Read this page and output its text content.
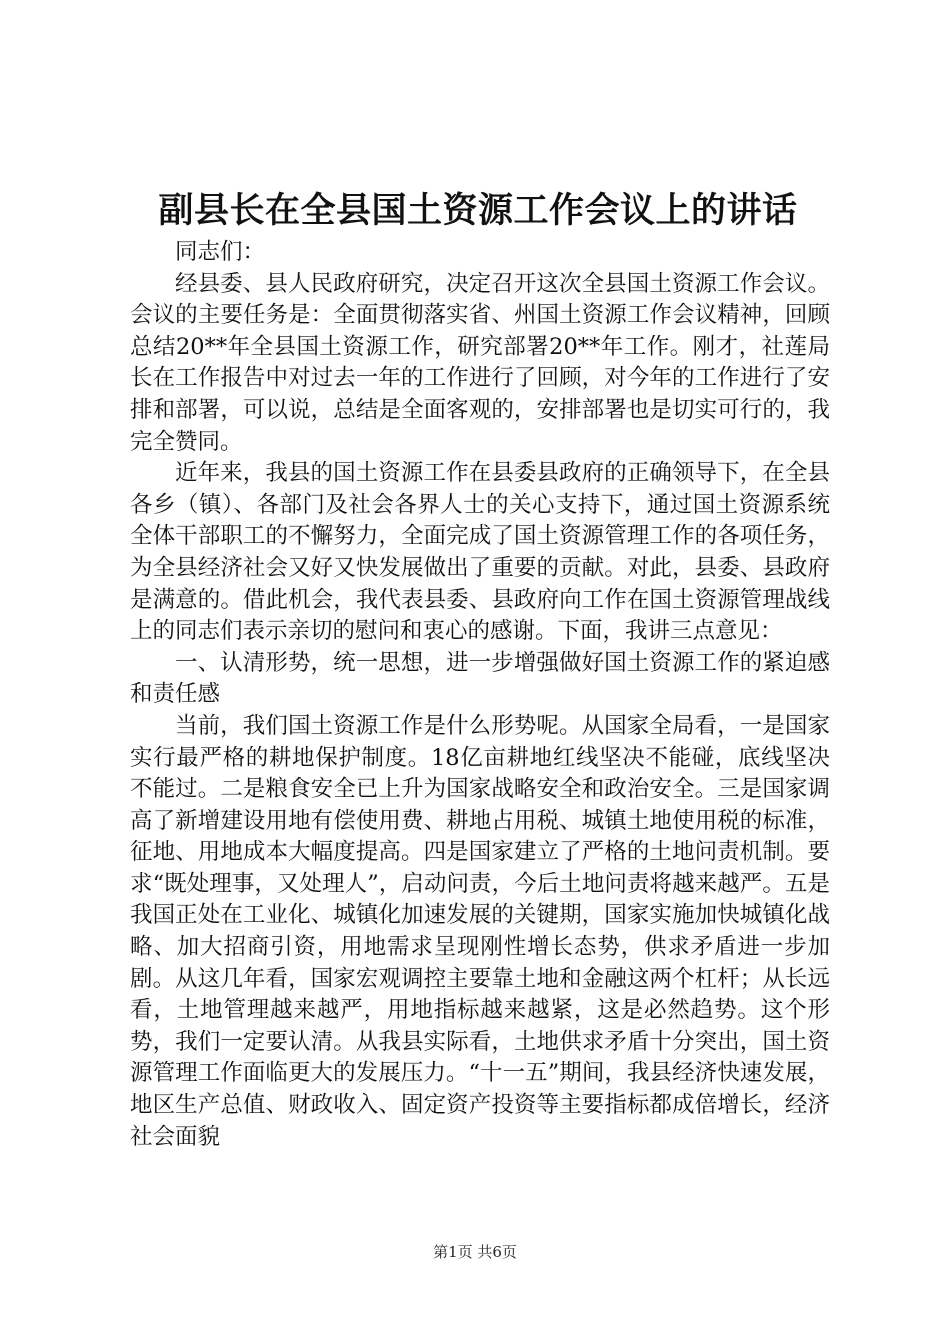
副县长在全县国土资源工作会议上的讲话

同志们：

经县委、县人民政府研究，决定召开这次全县国土资源工作会议。会议的主要任务是：全面贯彻落实省、州国土资源工作会议精神，回顾总结20**年全县国土资源工作，研究部署20**年工作。刚才，社莲局长在工作报告中对过去一年的工作进行了回顾，对今年的工作进行了安排和部署，可以说，总结是全面客观的，安排部署也是切实可行的，我完全赞同。

近年来，我县的国土资源工作在县委县政府的正确领导下，在全县各乡（镇）、各部门及社会各界人士的关心支持下，通过国土资源系统全体干部职工的不懈努力，全面完成了国土资源管理工作的各项任务，为全县经济社会又好又快发展做出了重要的贡献。对此，县委、县政府是满意的。借此机会，我代表县委、县政府向工作在国土资源管理战线上的同志们表示亲切的慰问和衷心的感谢。下面，我讲三点意见：

一、认清形势，统一思想，进一步增强做好国土资源工作的紧迫感和责任感

当前，我们国土资源工作是什么形势呢。从国家全局看，一是国家实行最严格的耕地保护制度。18亿亩耕地红线坚决不能碰，底线坚决不能过。二是粮食安全已上升为国家战略安全和政治安全。三是国家调高了新增建设用地有偿使用费、耕地占用税、城镇土地使用税的标准，征地、用地成本大幅度提高。四是国家建立了严格的土地问责机制。要求“既处理事，又处理人”，启动问责，今后土地问责将越来越严。五是我国正处在工业化、城镇化加速发展的关键期，国家实施加快城镇化战略、加大招商引资，用地需求呈现刚性增长态势，供求矛盾进一步加剧。从这几年看，国家宏观调控主要靠土地和金融这两个杠杆；从长远看，土地管理越来越严，用地指标越来越紧，这是必然趋势。这个形势，我们一定要认清。从我县实际看，土地供求矛盾十分突出，国土资源管理工作面临更大的发展压力。“十一五”期间，我县经济快速发展，地区生产总值、财政收入、固定资产投资等主要指标都成倍增长，经济社会面貌

第1页 共6页
